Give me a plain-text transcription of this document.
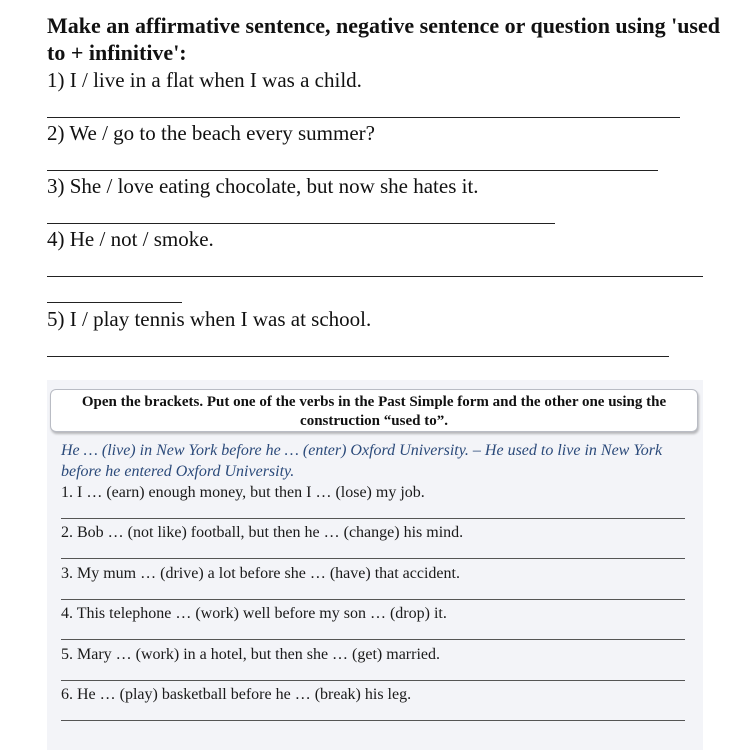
Make an affirmative sentence, negative sentence or question using 'used to + infinitive':
1) I / live in a flat when I was a child.
2) We / go to the beach every summer?
3) She / love eating chocolate, but now she hates it.
4) He / not / smoke.
5) I / play tennis when I was at school.
Open the brackets. Put one of the verbs in the Past Simple form and the other one using the construction “used to”.
He … (live) in New York before he … (enter) Oxford University. – He used to live in New York before he entered Oxford University.
1. I … (earn) enough money, but then I … (lose) my job.
2. Bob … (not like) football, but then he … (change) his mind.
3. My mum … (drive) a lot before she … (have) that accident.
4. This telephone … (work) well before my son … (drop) it.
5. Mary … (work) in a hotel, but then she … (get) married.
6. He … (play) basketball before he … (break) his leg.
